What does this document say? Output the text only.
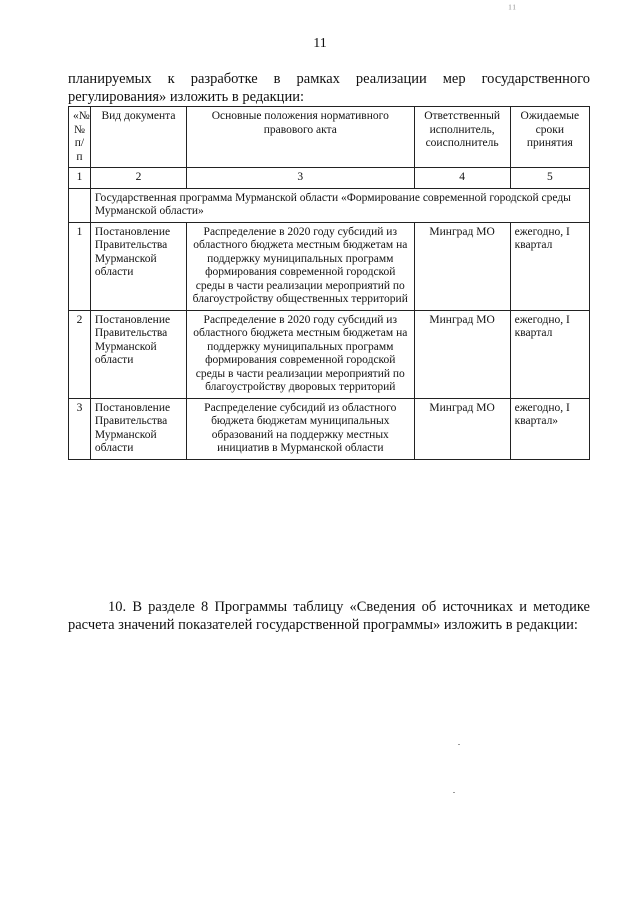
₁₁
11
планируемых к разработке в рамках реализации мер государственного регулирования» изложить в редакции:
«№ № п/п	Вид документа	Основные положения нормативного правового акта	Ответственный исполнитель, соисполнитель	Ожидаемые сроки принятия
1	2	3	4	5
	Государственная программа Мурманской области «Формирование современной городской среды Мурманской области»			
1	Постановление Правительства Мурманской области	Распределение в 2020 году субсидий из областного бюджета местным бюджетам на поддержку муниципальных программ формирования современной городской среды в части реализации мероприятий по благоустройству общественных территорий	Минград МО	ежегодно, I квартал
2	Постановление Правительства Мурманской области	Распределение в 2020 году субсидий из областного бюджета местным бюджетам на поддержку муниципальных программ формирования современной городской среды в части реализации мероприятий по благоустройству дворовых территорий	Минград МО	ежегодно, I квартал
3	Постановление Правительства Мурманской области	Распределение субсидий из областного бюджета бюджетам муниципальных образований на поддержку местных инициатив в Мурманской области	Минград МО	ежегодно, I квартал»
10. В разделе 8 Программы таблицу «Сведения об источниках и методике расчета значений показателей государственной программы» изложить в редакции:
